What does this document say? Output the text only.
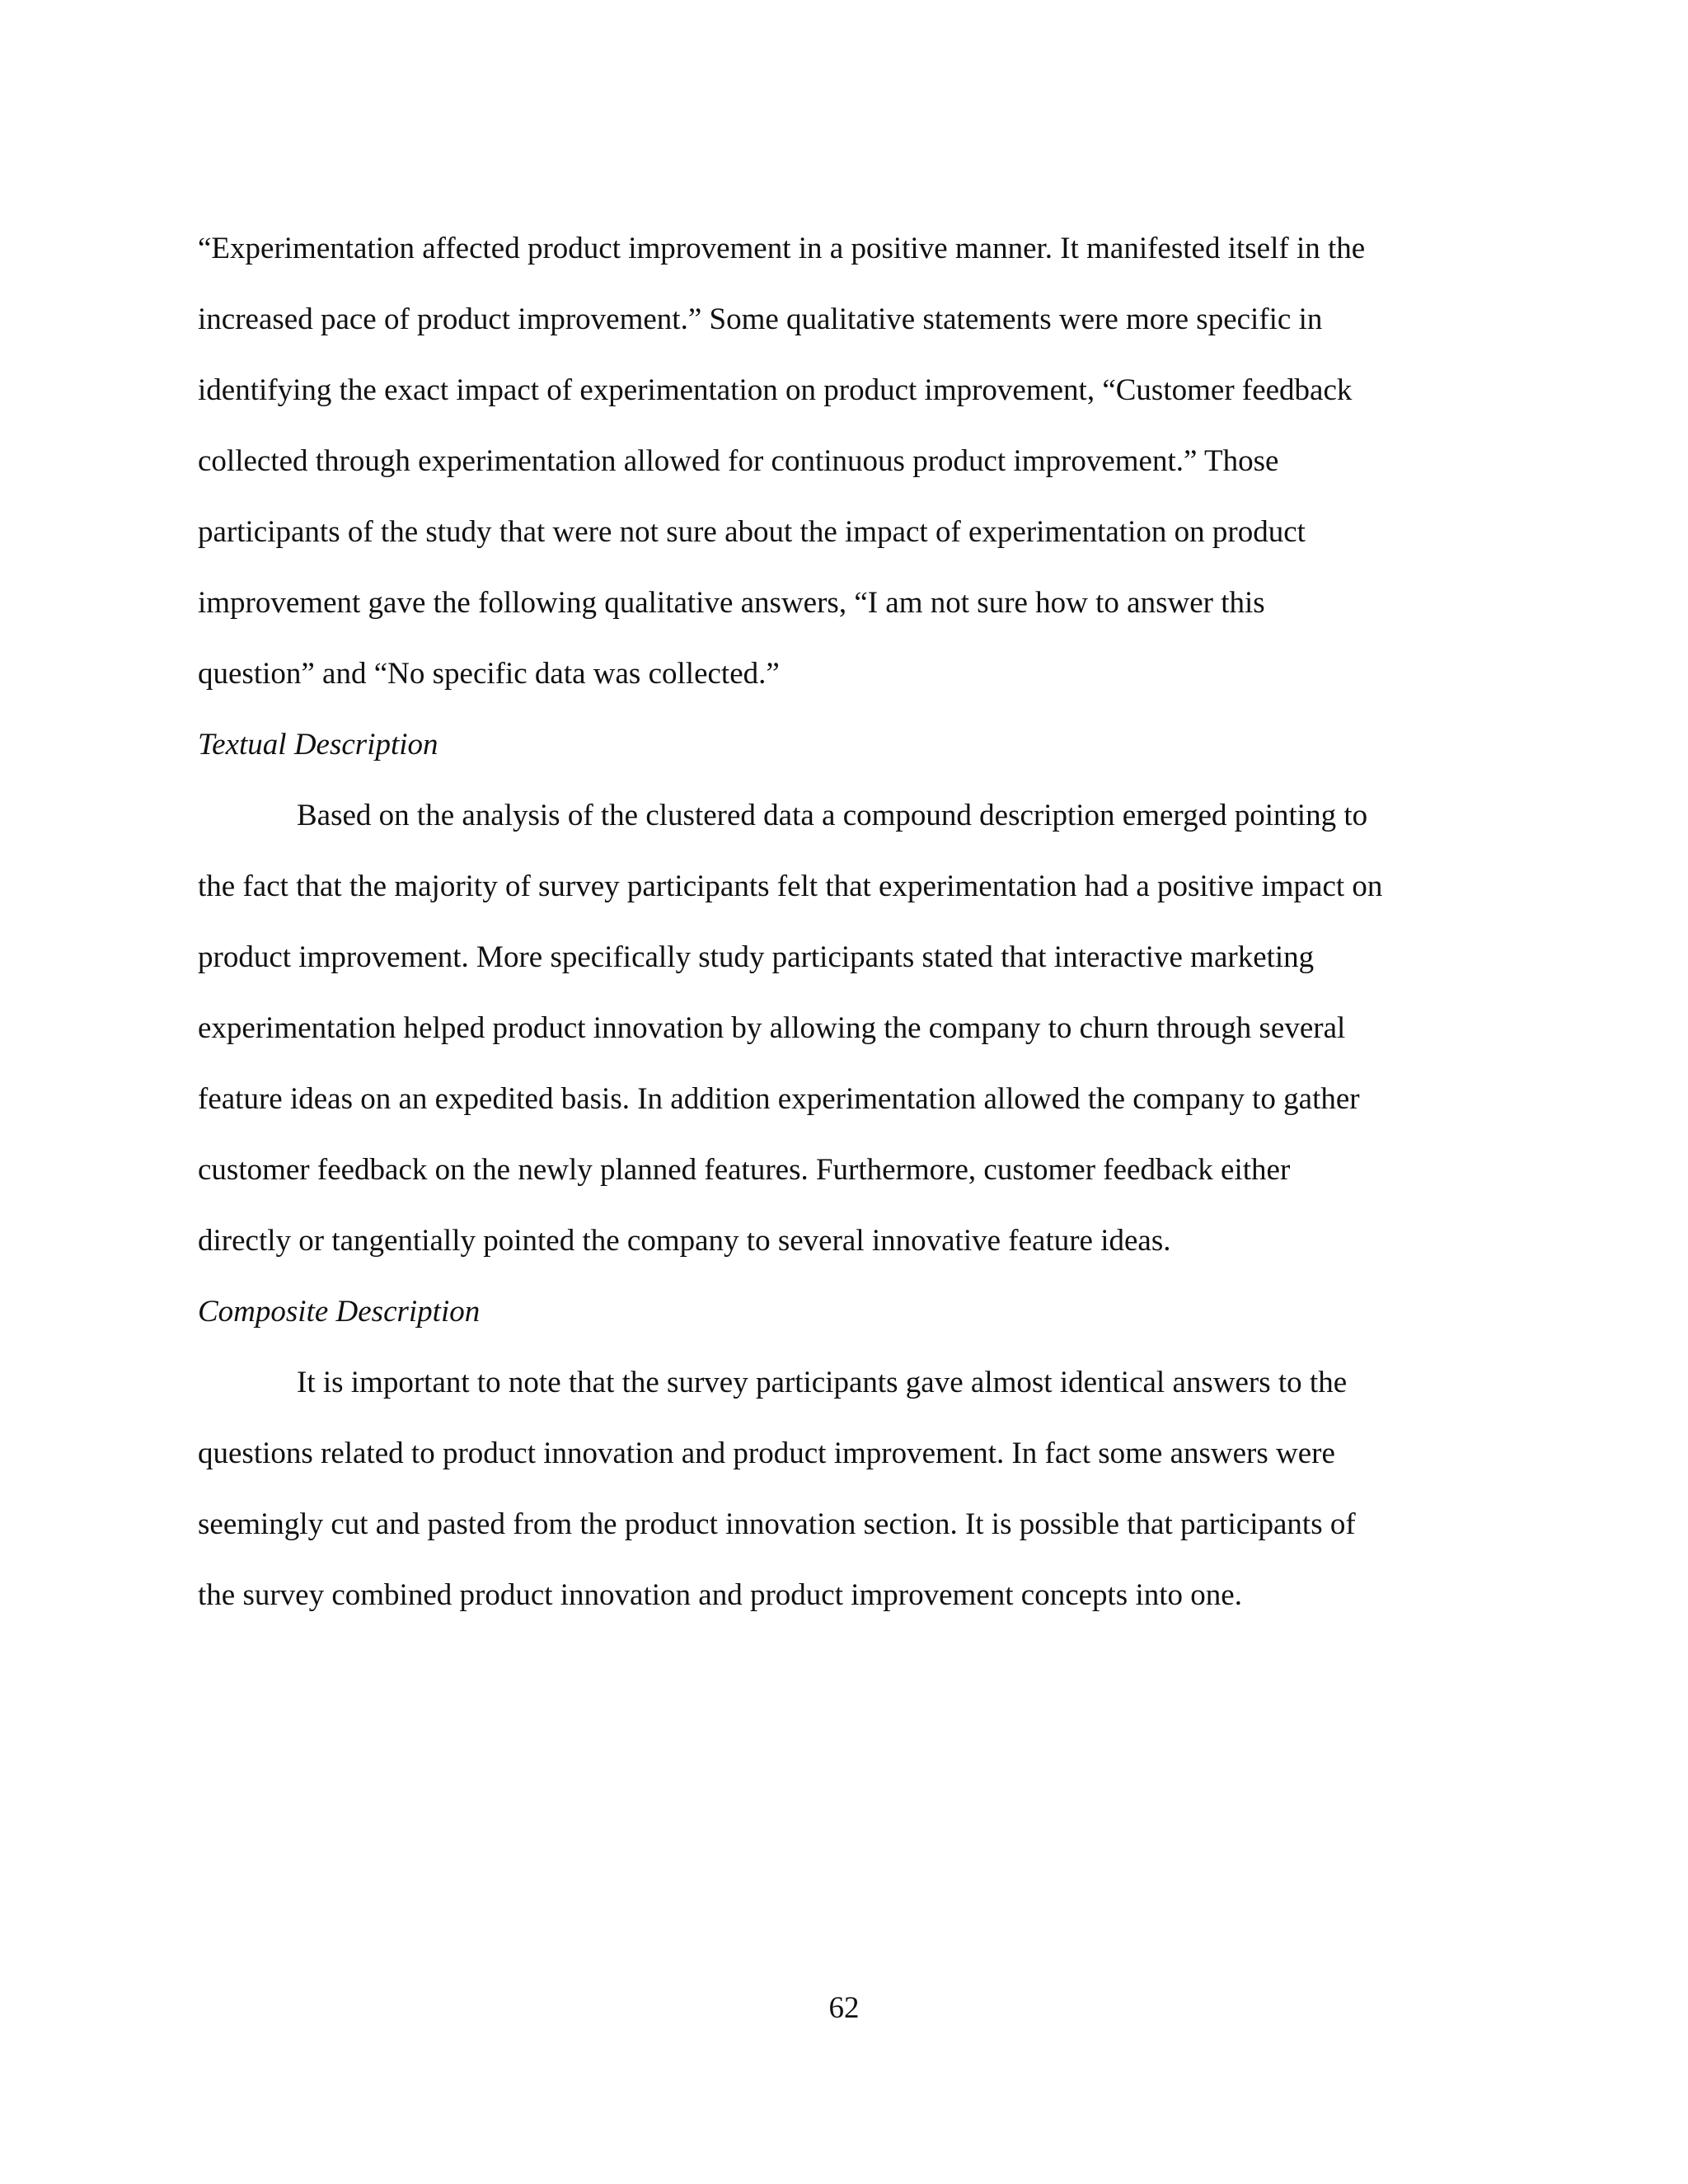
“Experimentation affected product improvement in a positive manner. It manifested itself in the

increased pace of product improvement.” Some qualitative statements were more specific in

identifying the exact impact of experimentation on product improvement, “Customer feedback

collected through experimentation allowed for continuous product improvement.” Those

participants of the study that were not sure about the impact of experimentation on product

improvement gave the following qualitative answers, “I am not sure how to answer this

question” and “No specific data was collected.”

Textual Description

Based on the analysis of the clustered data a compound description emerged pointing to

the fact that the majority of survey participants felt that experimentation had a positive impact on

product improvement. More specifically study participants stated that interactive marketing

experimentation helped product innovation by allowing the company to churn through several

feature ideas on an expedited basis. In addition experimentation allowed the company to gather

customer feedback on the newly planned features. Furthermore, customer feedback either

directly or tangentially pointed the company to several innovative feature ideas.

Composite Description

It is important to note that the survey participants gave almost identical answers to the

questions related to product innovation and product improvement. In fact some answers were

seemingly cut and pasted from the product innovation section. It is possible that participants of

the survey combined product innovation and product improvement concepts into one.

62
